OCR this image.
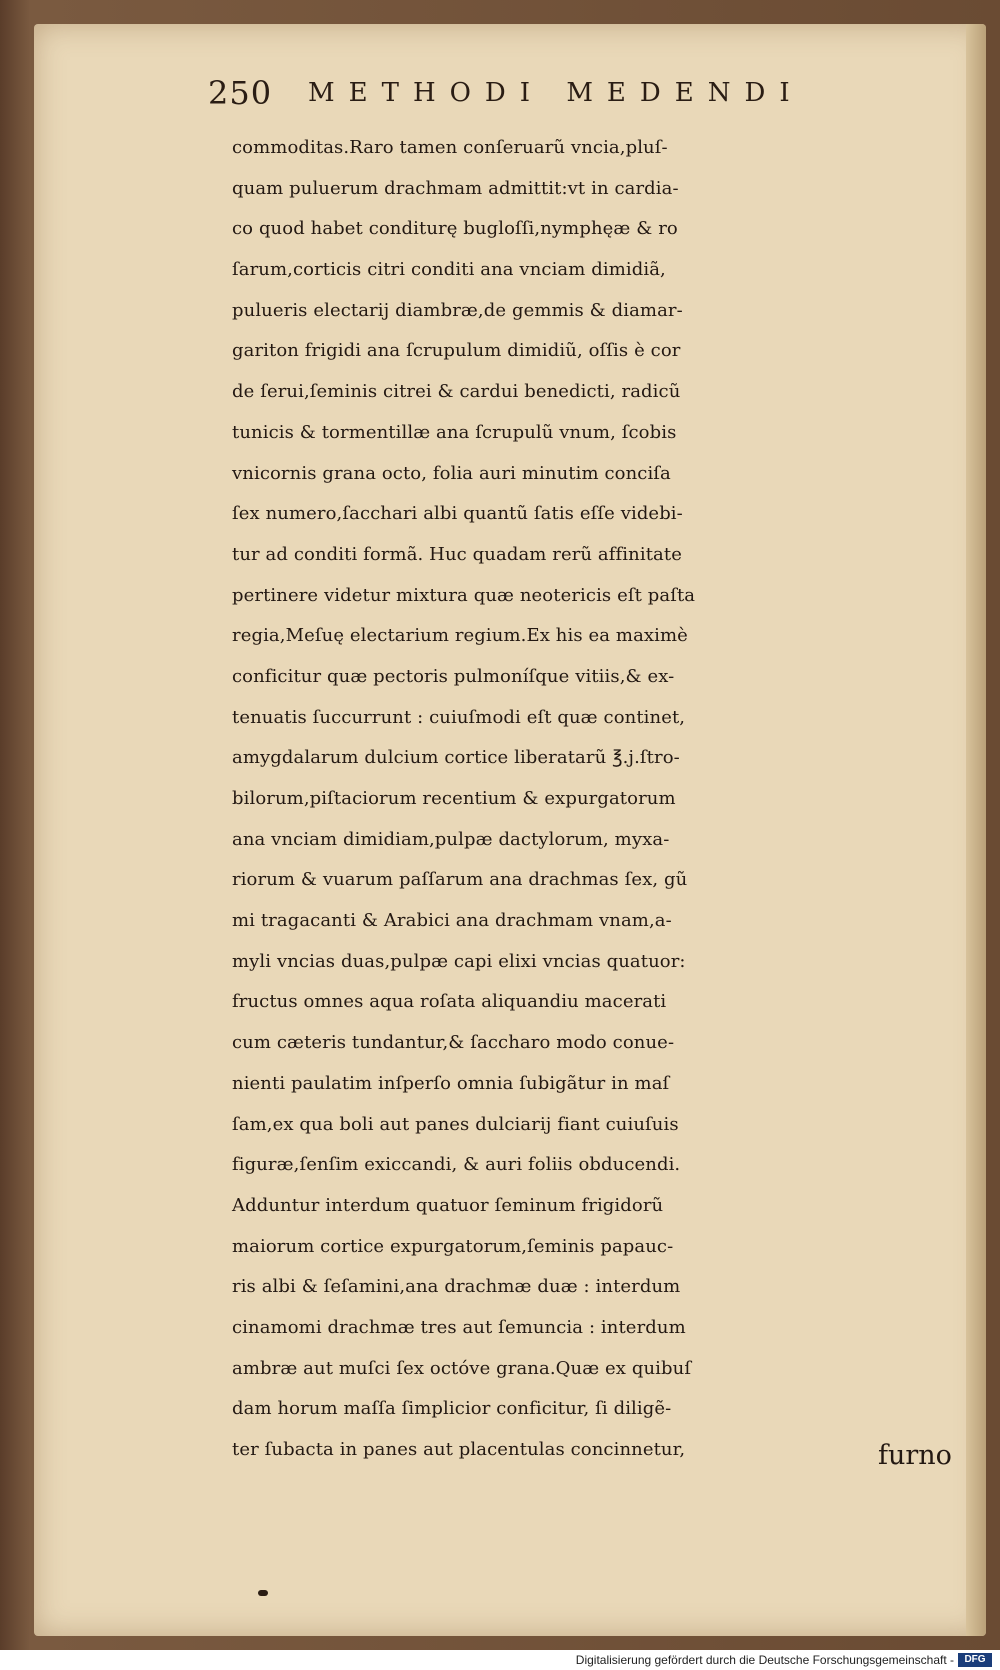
250 METHODI MEDENDI
commoditas.Raro tamen conſeruarũ vncia,pluſ-
quam puluerum drachmam admittit:vt in cardia-
co quod habet conditurę bugloſſi,nymphęæ & ro
ſarum,corticis citri conditi ana vnciam dimidiã,
pulueris electarij diambræ,de gemmis & diamar-
gariton frigidi ana ſcrupulum dimidiũ, oſſis è cor
de ſerui,ſeminis citrei & cardui benedicti, radicũ
tunicis & tormentillæ ana ſcrupulũ vnum, ſcobis
vnicornis grana octo, folia auri minutim conciſa
ſex numero,ſacchari albi quantũ ſatis eſſe videbi-
tur ad conditi formã. Huc quadam rerũ affinitate
pertinere videtur mixtura quæ neotericis eſt paſta
regia,Meſuę electarium regium.Ex his ea maximè
conficitur quæ pectoris pulmoníſque vitiis,& ex-
tenuatis ſuccurrunt : cuiuſmodi eſt quæ continet,
amygdalarum dulcium cortice liberatarũ ℥.j.ſtro-
bilorum,piſtaciorum recentium & expurgatorum
ana vnciam dimidiam,pulpæ dactylorum, myxa-
riorum & vuarum paſſarum ana drachmas ſex, gũ
mi tragacanti & Arabici ana drachmam vnam,a-
myli vncias duas,pulpæ capi elixi vncias quatuor:
fructus omnes aqua roſata aliquandiu macerati
cum cæteris tundantur,& ſaccharo modo conue-
nienti paulatim inſperſo omnia ſubigãtur in maſ
ſam,ex qua boli aut panes dulciarij fiant cuiuſuis
figuræ,ſenſim exiccandi, & auri foliis obducendi.
Adduntur interdum quatuor ſeminum frigidorũ
maiorum cortice expurgatorum,ſeminis papauc-
ris albi & ſeſamini,ana drachmæ duæ : interdum
cinamomi drachmæ tres aut ſemuncia : interdum
ambræ aut muſci ſex octóve grana.Quæ ex quibuſ
dam horum maſſa ſimplicior conficitur, ſi diligẽ-
ter ſubacta in panes aut placentulas concinnetur,	furno
Digitalisierung gefördert durch die Deutsche Forschungsgemeinschaft -	DFG
